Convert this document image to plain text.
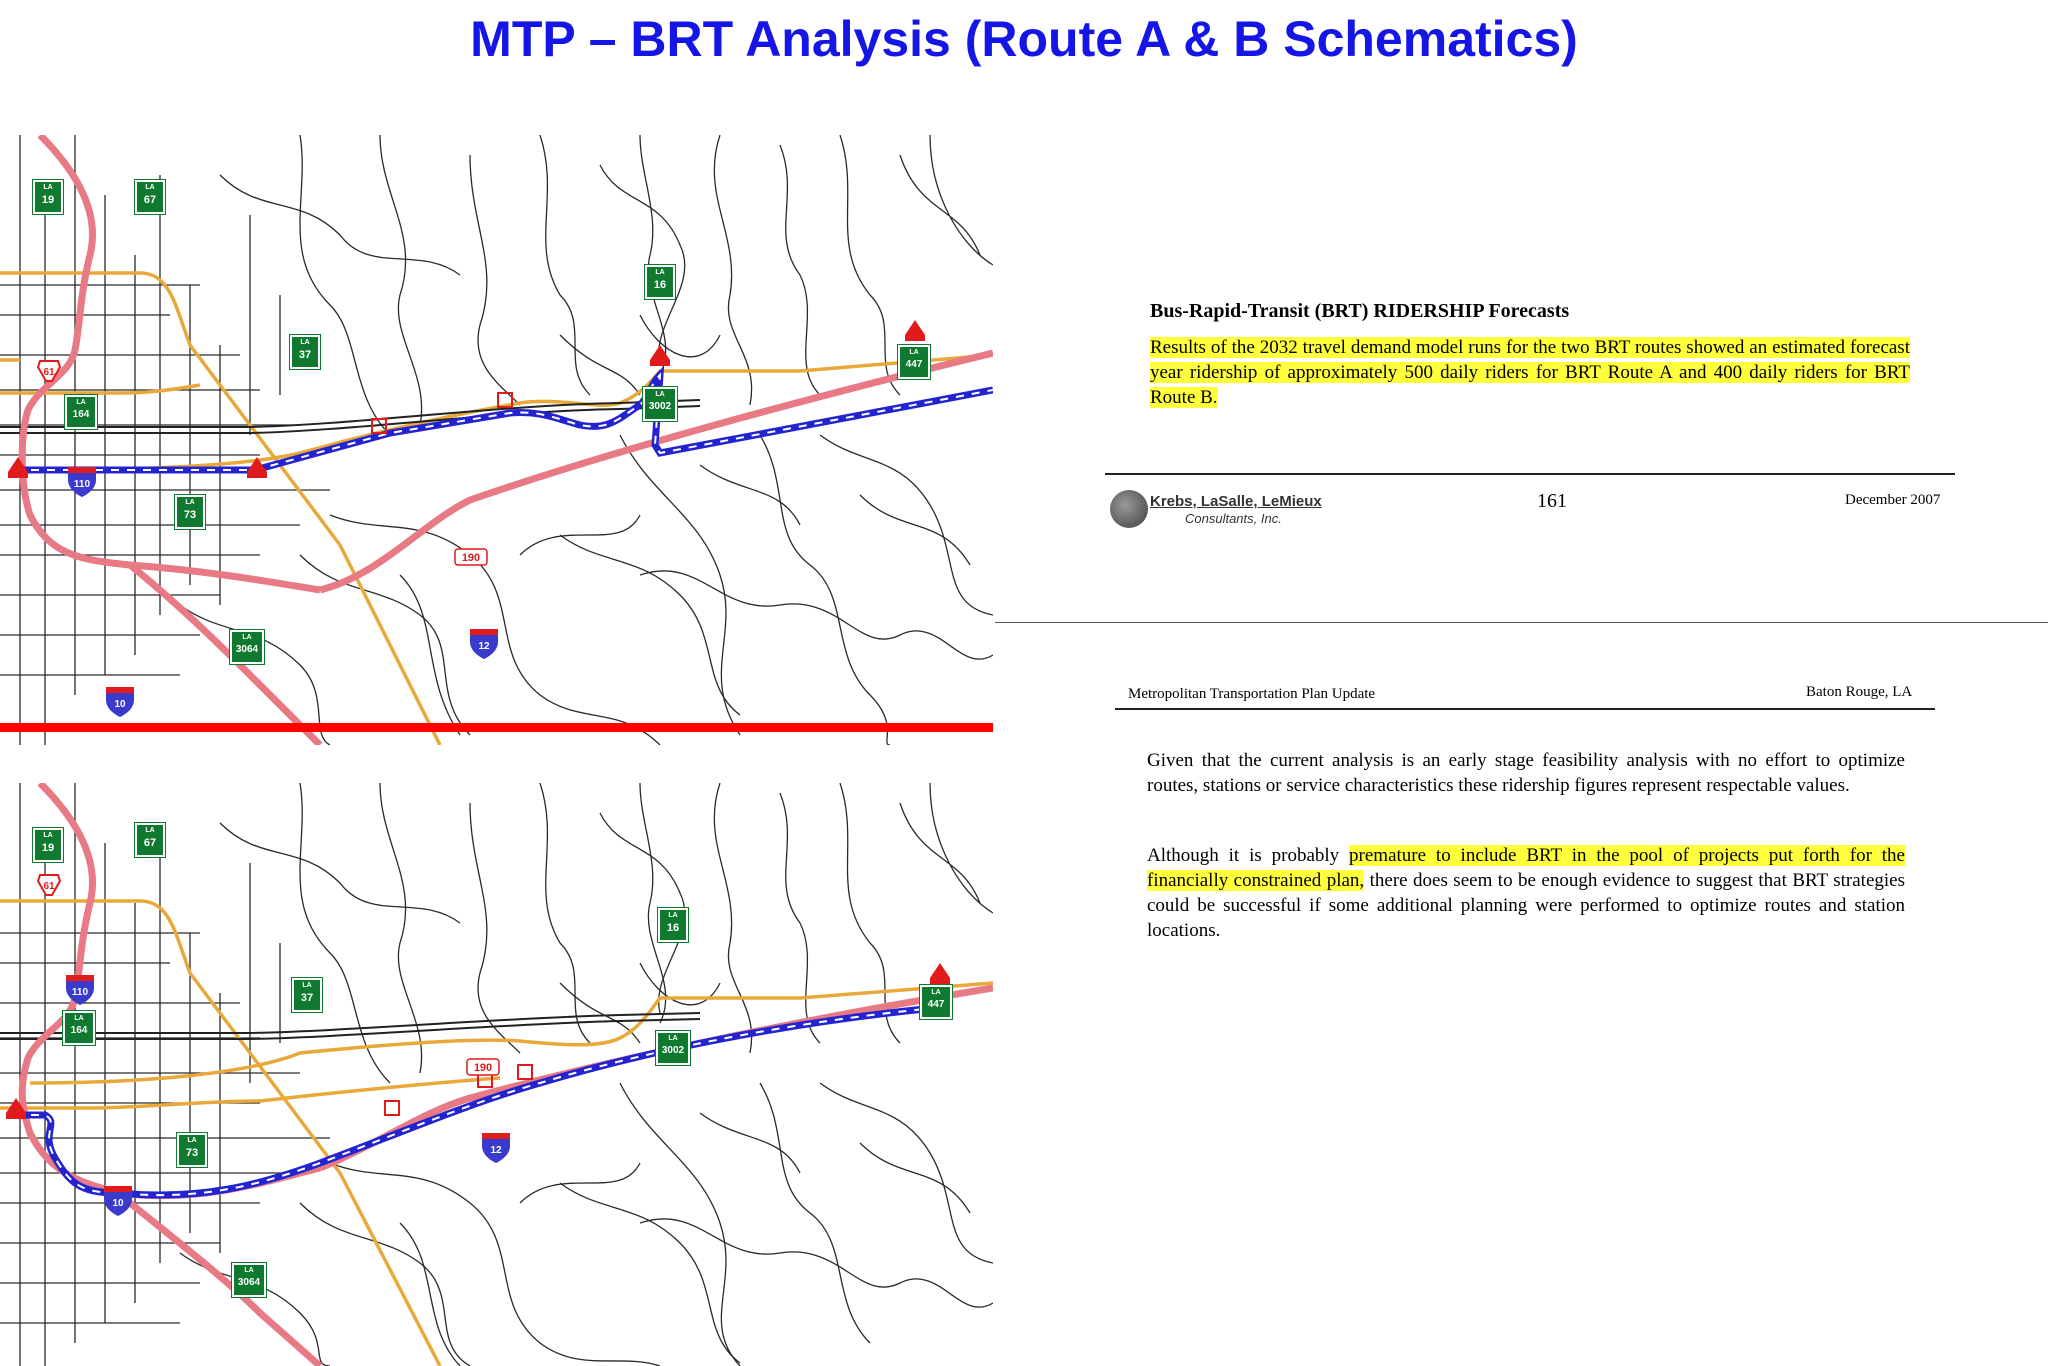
MTP – BRT Analysis (Route A & B Schematics)
61
110
10
12
190
LA
19
LA
67
LA
37
LA
16
LA
164
LA
73
LA
3002
LA
447
LA
3064
61
110
10
12
190
LA
19
LA
67
LA
37
LA
16
LA
164
LA
73
LA
3002
LA
447
LA
3064
Bus-Rapid-Transit (BRT) RIDERSHIP Forecasts
Results of the 2032 travel demand model runs for the two BRT routes showed an estimated forecast year ridership of approximately 500 daily riders for BRT Route A and 400 daily riders for BRT Route B.
Krebs, LaSalle, LeMieux
Consultants, Inc.
161	December 2007
Metropolitan Transportation Plan Update	Baton Rouge, LA
Given that the current analysis is an early stage feasibility analysis with no effort to optimize routes, stations or service characteristics these ridership figures represent respectable values.
Although it is probably premature to include BRT in the pool of projects put forth for the financially constrained plan, there does seem to be enough evidence to suggest that BRT strategies could be successful if some additional planning were performed to optimize routes and station locations.
